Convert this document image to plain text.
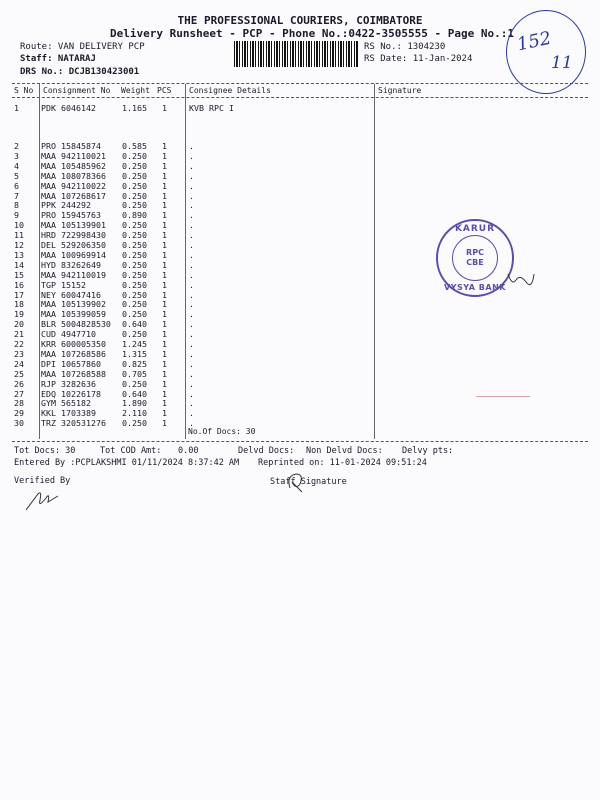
THE PROFESSIONAL COURIERS, COIMBATORE
Delivery Runsheet - PCP - Phone No.:0422-3505555 - Page No.:1
Route: VAN DELIVERY PCP
Staff: NATARAJ
DRS No.: DCJB130423001
RS No.: 1304230
RS Date: 11-Jan-2024
152
11
S No Consignment No Weight PCS Consignee Details	Signature
1	PDK 6046142	1.165 1	KVB RPC I
2	PRO 15845874	0.585 1	.
3	MAA 942110021 0.250 1	.
4	MAA 105485962 0.250 1	.
5	MAA 108078366 0.250 1	.
6	MAA 942110022 0.250 1	.
7	MAA 107268617 0.250 1	.
8	PPK 244292	0.250 1	.
9	PRO 15945763	0.890 1	.
10 MAA 105139901 0.250 1	.
11 HRD 722998430 0.250 1	.
12 DEL 529206350 0.250 1	.
13 MAA 100969914 0.250 1	.
14 HYD 83262649	0.250 1	.
15 MAA 942110019 0.250 1	.
16 TGP 15152	0.250 1	.
17 NEY 60047416	0.250 1	.
18 MAA 105139902 0.250 1	.
19 MAA 105399059 0.250 1	.
20 BLR 5004828530 0.640 1	.
21 CUD 4947710	0.250 1	.
22 KRR 600005350 1.245 1	.
23 MAA 107268586 1.315 1	.
24 DPI 10657860	0.825 1	.
25 MAA 107268588 0.705 1	.
26 RJP 3282636	0.250 1	.
27 EDQ 10226178	0.640 1	.
28 GYM 565182	1.890 1	.
29 KKL 1703389	2.110 1	.
30 TRZ 320531276 0.250 1	.
No.Of Docs: 30
KARUR
RPC
CBE
VYSYA BANK
Tot Docs: 30	Tot COD Amt: 0.00	Delvd Docs: Non Delvd Docs: Delvy pts:
Entered By :PCPLAKSHMI 01/11/2024 8:37:42 AM Reprinted on: 11-01-2024 09:51:24
Verified By	Staff Signature
